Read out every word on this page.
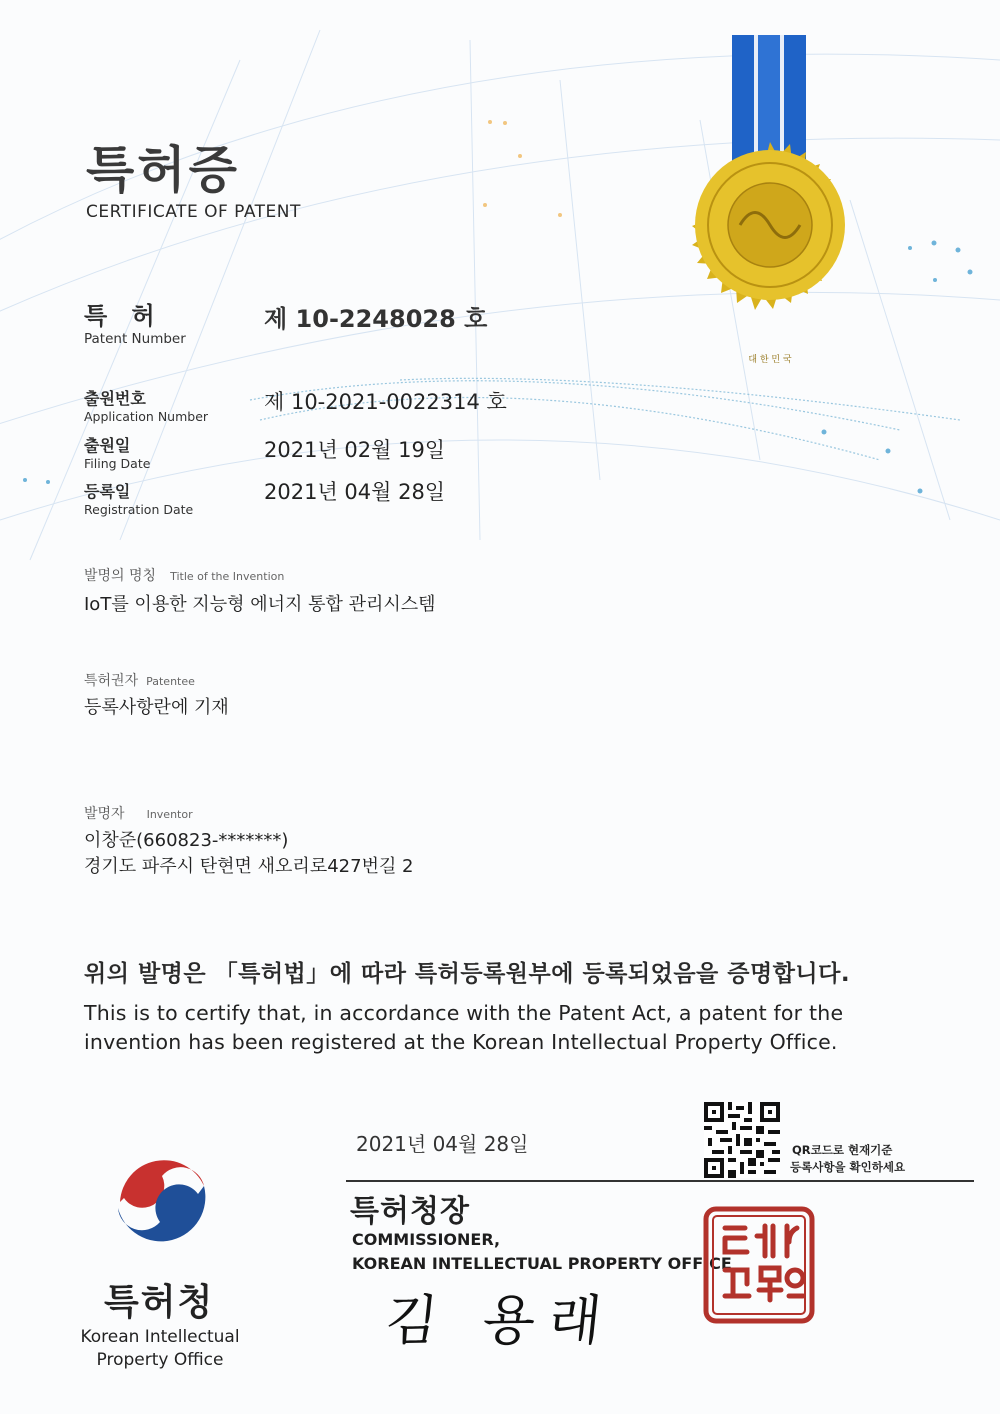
대 한 민 국
특허증
CERTIFICATE OF PATENT
특 허
Patent Number
제 10-2248028 호
출원번호
Application Number
제 10-2021-0022314 호
출원일
Filing Date
2021년 02월 19일
등록일
Registration Date
2021년 04월 28일
발명의 명칭 Title of the Invention
IoT를 이용한 지능형 에너지 통합 관리시스템
특허권자 Patentee
등록사항란에 기재
발명자 Inventor
이창준(660823-*******)
경기도 파주시 탄현면 새오리로427번길 2
위의 발명은 「특허법」에 따라 특허등록원부에 등록되었음을 증명합니다.
This is to certify that, in accordance with the Patent Act, a patent for the
invention has been registered at the Korean Intellectual Property Office.
2021년 04월 28일	QR코드로 현재기준
등록사항을 확인하세요
특허청장
COMMISSIONER,
KOREAN INTELLECTUAL PROPERTY OFFICE
김 용래
특허청
Korean Intellectual
Property Office
